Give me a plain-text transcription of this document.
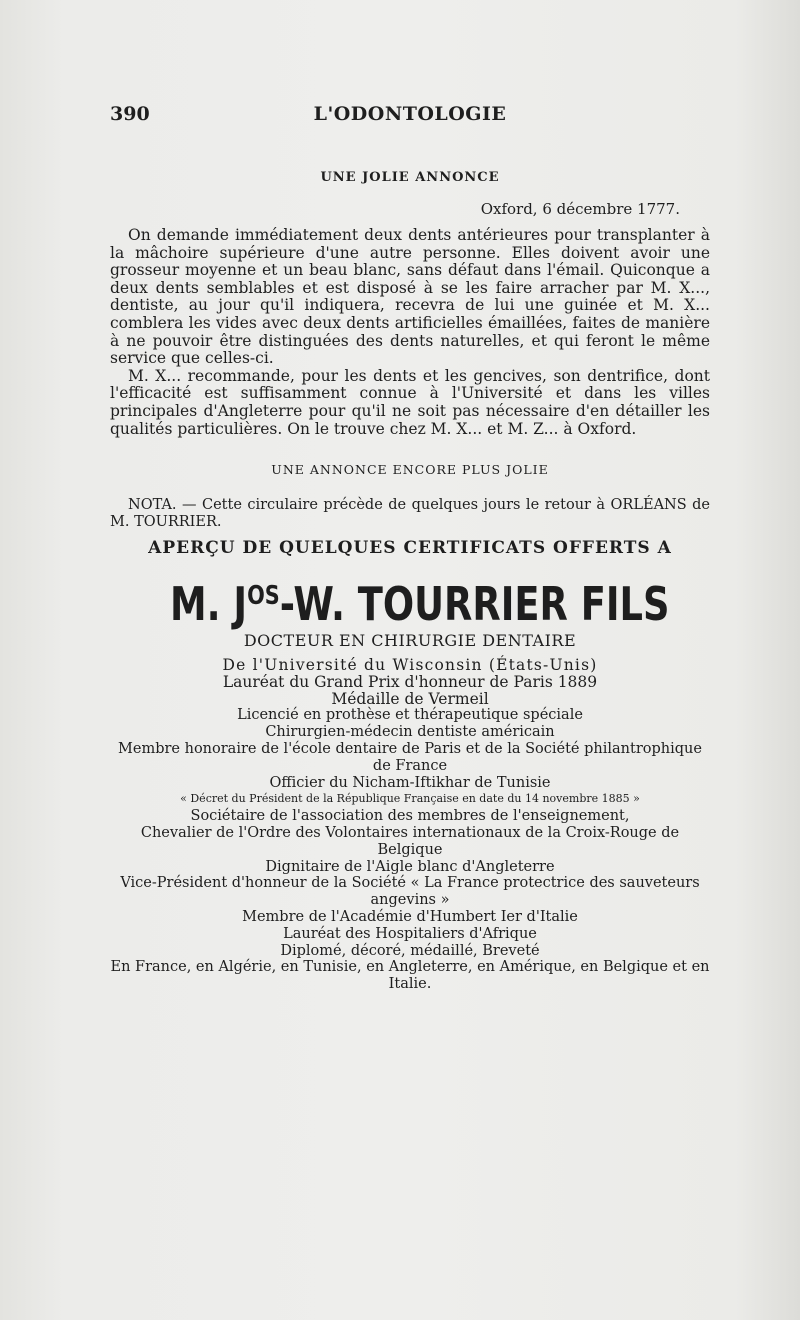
390	L'ODONTOLOGIE
UNE JOLIE ANNONCE
Oxford, 6 décembre 1777.
On demande immédiatement deux dents antérieures pour transplanter à la mâchoire supérieure d'une autre personne. Elles doivent avoir une grosseur moyenne et un beau blanc, sans défaut dans l'émail. Quiconque a deux dents semblables et est disposé à se les faire arracher par M. X..., dentiste, au jour qu'il indiquera, recevra de lui une guinée et M. X... comblera les vides avec deux dents artificielles émaillées, faites de manière à ne pouvoir être distinguées des dents naturelles, et qui feront le même service que celles-ci.
M. X... recommande, pour les dents et les gencives, son dentrifice, dont l'efficacité est suffisamment connue à l'Université et dans les villes principales d'Angleterre pour qu'il ne soit pas nécessaire d'en détailler les qualités particulières. On le trouve chez M. X... et M. Z... à Oxford.
UNE ANNONCE ENCORE PLUS JOLIE
NOTA. — Cette circulaire précède de quelques jours le retour à ORLÉANS de M. TOURRIER.
APERÇU DE QUELQUES CERTIFICATS OFFERTS A
M. $J^{OS}-W$. TOURRIER FILS
DOCTEUR EN CHIRURGIE DENTAIRE
De l'Université du Wisconsin (États-Unis)
Lauréat du Grand Prix d'honneur de Paris 1889
Médaille de Vermeil
Licencié en prothèse et thérapeutique spéciale
Chirurgien-médecin dentiste américain
Membre honoraire de l'école dentaire de Paris et de la Société philantrophique de France
Officier du Nicham-Iftikhar de Tunisie
« Décret du Président de la République Française en date du 14 novembre 1885 »
Sociétaire de l'association des membres de l'enseignement,
Chevalier de l'Ordre des Volontaires internationaux de la Croix-Rouge de Belgique
Dignitaire de l'Aigle blanc d'Angleterre
Vice-Président d'honneur de la Société « La France protectrice des sauveteurs angevins »
Membre de l'Académie d'Humbert Ier d'Italie
Lauréat des Hospitaliers d'Afrique
Diplomé, décoré, médaillé, Breveté
En France, en Algérie, en Tunisie, en Angleterre, en Amérique, en Belgique et en Italie.
